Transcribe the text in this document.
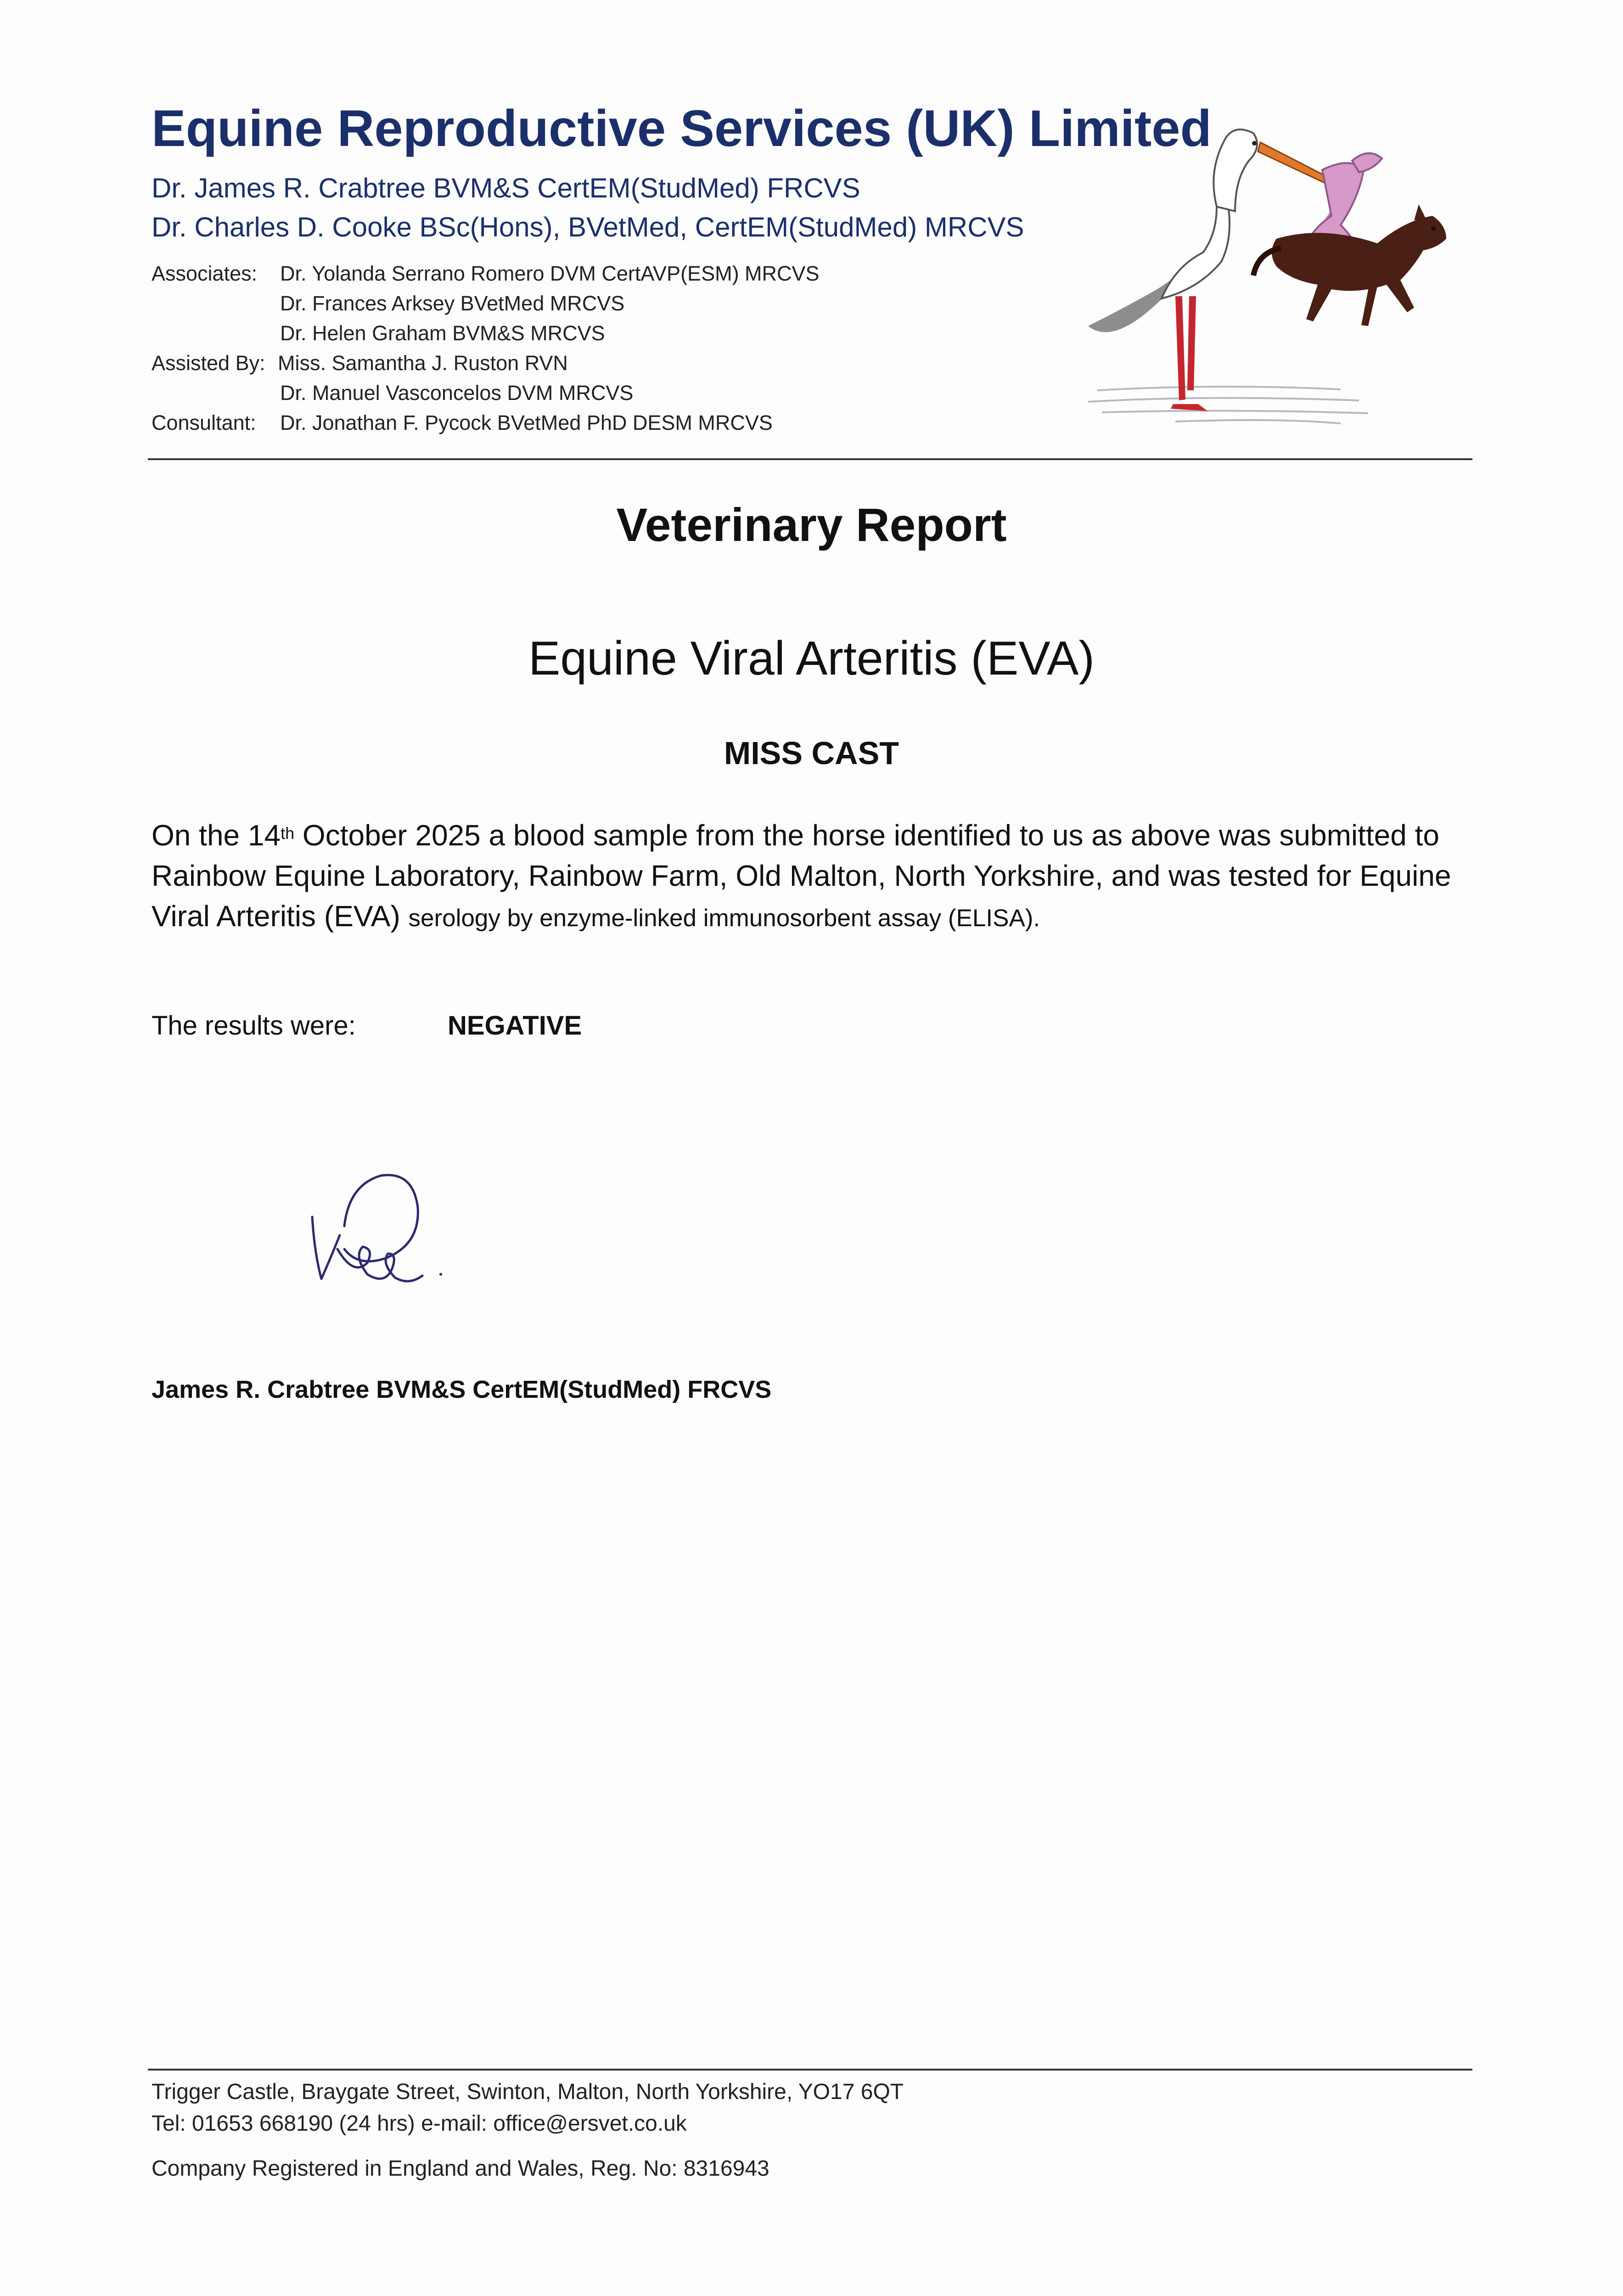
Equine Reproductive Services (UK) Limited
Dr. James R. Crabtree BVM&S CertEM(StudMed) FRCVS
Dr. Charles D. Cooke BSc(Hons), BVetMed, CertEM(StudMed) MRCVS
Associates: Dr. Yolanda Serrano Romero DVM CertAVP(ESM) MRCVS
Dr. Frances Arksey BVetMed MRCVS
Dr. Helen Graham BVM&S MRCVS
Assisted By: Miss. Samantha J. Ruston RVN
Dr. Manuel Vasconcelos DVM MRCVS
Consultant: Dr. Jonathan F. Pycock BVetMed PhD DESM MRCVS
Veterinary Report
Equine Viral Arteritis (EVA)
MISS CAST
On the 14th October 2025 a blood sample from the horse identified to us as above was submitted to Rainbow Equine Laboratory, Rainbow Farm, Old Malton, North Yorkshire, and was tested for Equine Viral Arteritis (EVA) serology by enzyme-linked immunosorbent assay (ELISA).
The results were:	NEGATIVE
James R. Crabtree BVM&S CertEM(StudMed) FRCVS
Trigger Castle, Braygate Street, Swinton, Malton, North Yorkshire, YO17 6QT
Tel: 01653 668190 (24 hrs) e-mail: office@ersvet.co.uk
Company Registered in England and Wales, Reg. No: 8316943
